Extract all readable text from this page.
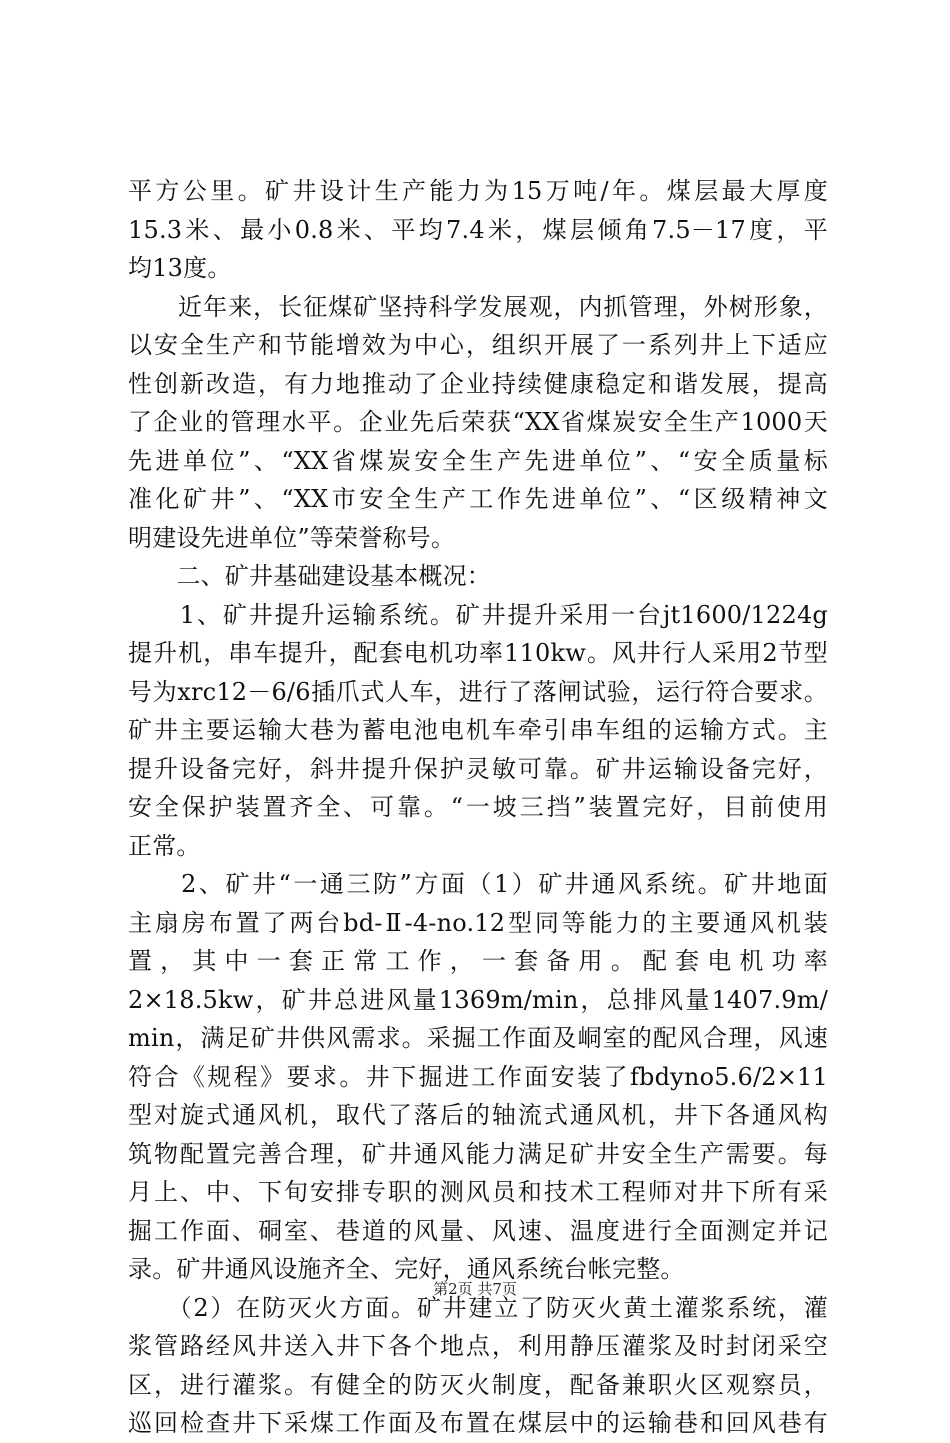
平方公里。矿井设计生产能力为15万吨/年。煤层最大厚度
15.3米、最小0.8米、平均7.4米，煤层倾角7.5－17度，平
均13度。
　　近年来，长征煤矿坚持科学发展观，内抓管理，外树形象，
以安全生产和节能增效为中心，组织开展了一系列井上下适应
性创新改造，有力地推动了企业持续健康稳定和谐发展，提高
了企业的管理水平。企业先后荣获“XX省煤炭安全生产1000天
先进单位”、“XX省煤炭安全生产先进单位”、“安全质量标
准化矿井”、“XX市安全生产工作先进单位”、“区级精神文
明建设先进单位”等荣誉称号。
　　二、矿井基础建设基本概况：
　　1、矿井提升运输系统。矿井提升采用一台jt1600/1224g
提升机，串车提升，配套电机功率110kw。风井行人采用2节型
号为xrc12－6/6插爪式人车，进行了落闸试验，运行符合要求。
矿井主要运输大巷为蓄电池电机车牵引串车组的运输方式。主
提升设备完好，斜井提升保护灵敏可靠。矿井运输设备完好，
安全保护装置齐全、可靠。“一坡三挡”装置完好，目前使用
正常。
　　2、矿井“一通三防”方面（1）矿井通风系统。矿井地面
主扇房布置了两台bd-Ⅱ-4-no.12型同等能力的主要通风机装
置，其中一套正常工作，一套备用。配套电机功率
2×18.5kw，矿井总进风量1369m/min，总排风量1407.9m/
min，满足矿井供风需求。采掘工作面及峒室的配风合理，风速
符合《规程》要求。井下掘进工作面安装了fbdyno5.6/2×11
型对旋式通风机，取代了落后的轴流式通风机，井下各通风构
筑物配置完善合理，矿井通风能力满足矿井安全生产需要。每
月上、中、下旬安排专职的测风员和技术工程师对井下所有采
掘工作面、硐室、巷道的风量、风速、温度进行全面测定并记
录。矿井通风设施齐全、完好，通风系统台帐完整。
　　（2）在防灭火方面。矿井建立了防灭火黄土灌浆系统，灌
浆管路经风井送入井下各个地点，利用静压灌浆及时封闭采空
区，进行灌浆。有健全的防灭火制度，配备兼职火区观察员，
巡回检查井下采煤工作面及布置在煤层中的运输巷和回风巷有
第2页 共7页
